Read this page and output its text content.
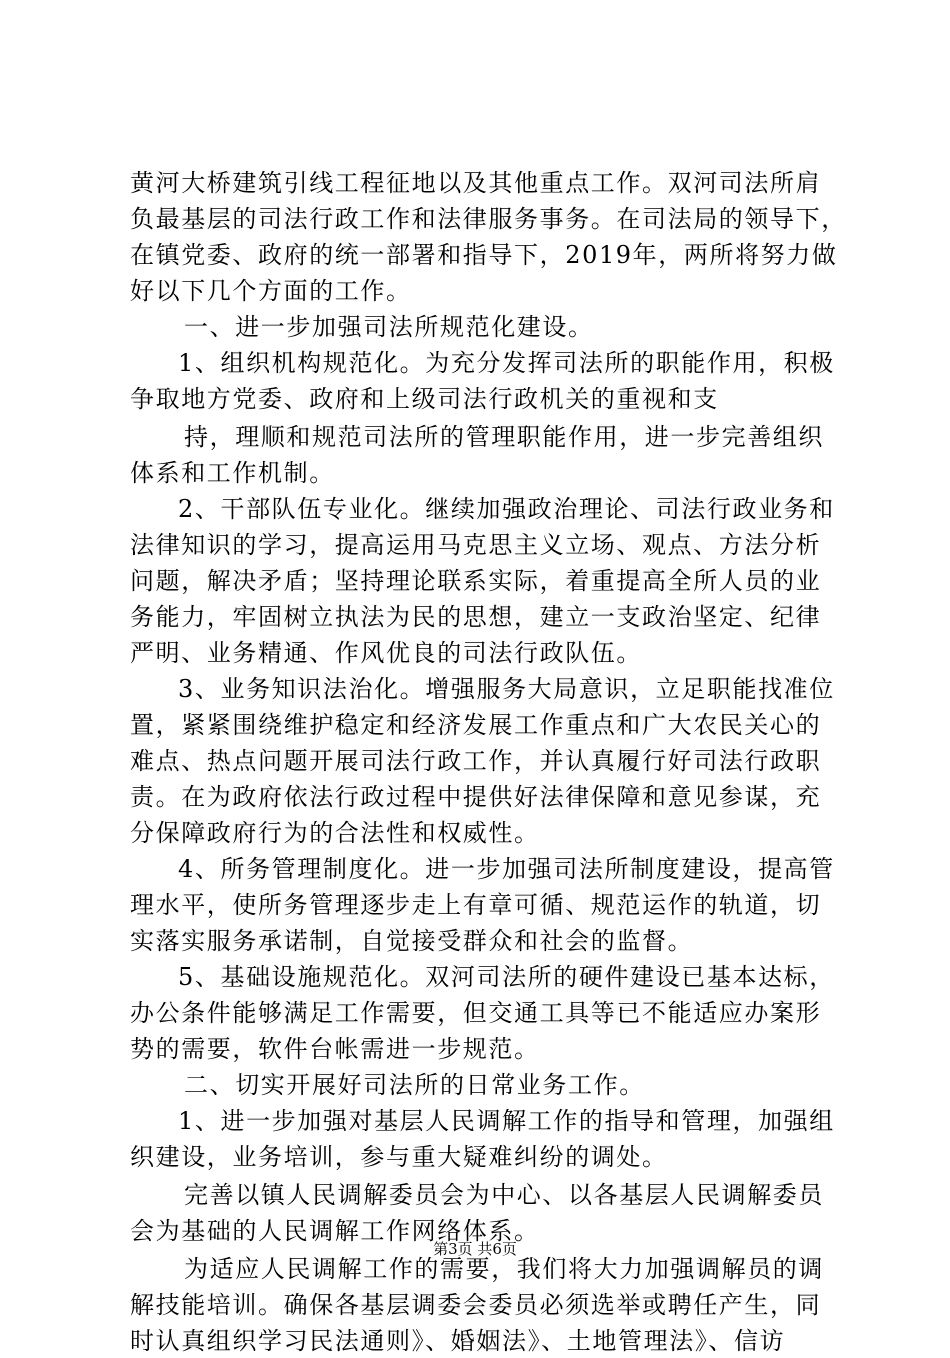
黄河大桥建筑引线工程征地以及其他重点工作。双河司法所肩
负最基层的司法行政工作和法律服务事务。在司法局的领导下，
在镇党委、政府的统一部署和指导下，2019年，两所将努力做
好以下几个方面的工作。
一、进一步加强司法所规范化建设。
1、组织机构规范化。为充分发挥司法所的职能作用，积极
争取地方党委、政府和上级司法行政机关的重视和支
持，理顺和规范司法所的管理职能作用，进一步完善组织
体系和工作机制。
2、干部队伍专业化。继续加强政治理论、司法行政业务和
法律知识的学习，提高运用马克思主义立场、观点、方法分析
问题，解决矛盾；坚持理论联系实际，着重提高全所人员的业
务能力，牢固树立执法为民的思想，建立一支政治坚定、纪律
严明、业务精通、作风优良的司法行政队伍。
3、业务知识法治化。增强服务大局意识，立足职能找准位
置，紧紧围绕维护稳定和经济发展工作重点和广大农民关心的
难点、热点问题开展司法行政工作，并认真履行好司法行政职
责。在为政府依法行政过程中提供好法律保障和意见参谋，充
分保障政府行为的合法性和权威性。
4、所务管理制度化。进一步加强司法所制度建设，提高管
理水平，使所务管理逐步走上有章可循、规范运作的轨道，切
实落实服务承诺制，自觉接受群众和社会的监督。
5、基础设施规范化。双河司法所的硬件建设已基本达标，
办公条件能够满足工作需要，但交通工具等已不能适应办案形
势的需要，软件台帐需进一步规范。
二、切实开展好司法所的日常业务工作。
1、进一步加强对基层人民调解工作的指导和管理，加强组
织建设，业务培训，参与重大疑难纠纷的调处。
完善以镇人民调解委员会为中心、以各基层人民调解委员
会为基础的人民调解工作网络体系。
为适应人民调解工作的需要，我们将大力加强调解员的调
解技能培训。确保各基层调委会委员必须选举或聘任产生，同
时认真组织学习民法通则》、婚姻法》、土地管理法》、信访
第3页 共6页
